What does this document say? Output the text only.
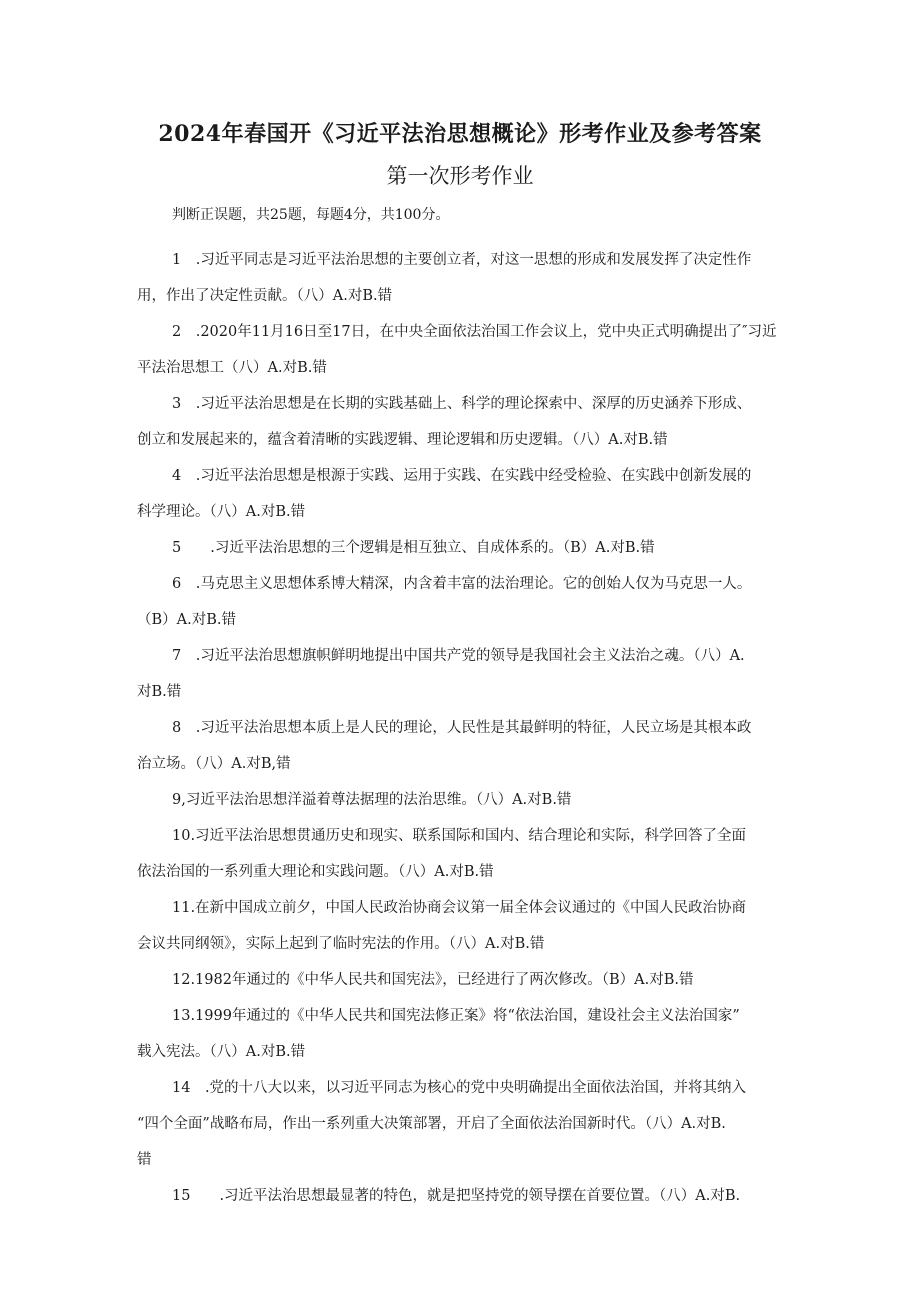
2024年春国开《习近平法治思想概论》形考作业及参考答案
第一次形考作业
判断正误题，共25题，每题4分，共100分。

1　.习近平同志是习近平法治思想的主要创立者，对这一思想的形成和发展发挥了决定性作
用，作出了决定性贡献。（八）A.对B.错

2　.2020年11月16日至17日，在中央全面依法治国工作会议上，党中央正式明确提出了″习近
平法治思想工（八）A.对B.错

3　.习近平法治思想是在长期的实践基础上、科学的理论探索中、深厚的历史涵养下形成、
创立和发展起来的，蕴含着清晰的实践逻辑、理论逻辑和历史逻辑。（八）A.对B.错

4　.习近平法治思想是根源于实践、运用于实践、在实践中经受检验、在实践中创新发展的
科学理论。（八）A.对B.错

5　　.习近平法治思想的三个逻辑是相互独立、自成体系的。（B）A.对B.错

6　.马克思主义思想体系博大精深，内含着丰富的法治理论。它的创始人仅为马克思一人。
（B）A.对B.错

7　.习近平法治思想旗帜鲜明地提出中国共产党的领导是我国社会主义法治之魂。（八）A.
对B.错

8　.习近平法治思想本质上是人民的理论，人民性是其最鲜明的特征，人民立场是其根本政
治立场。（八）A.对B,错

9,习近平法治思想洋溢着尊法据理的法治思维。（八）A.对B.错

10.习近平法治思想贯通历史和现实、联系国际和国内、结合理论和实际，科学回答了全面
依法治国的一系列重大理论和实践问题。（八）A.对B.错

11.在新中国成立前夕，中国人民政治协商会议第一届全体会议通过的《中国人民政治协商
会议共同纲领》，实际上起到了临时宪法的作用。（八）A.对B.错

12.1982年通过的《中华人民共和国宪法》，已经进行了两次修改。（B）A.对B.错

13.1999年通过的《中华人民共和国宪法修正案》将“依法治国，建设社会主义法治国家”
载入宪法。（八）A.对B.错

14　.党的十八大以来，以习近平同志为核心的党中央明确提出全面依法治国，并将其纳入
“四个全面”战略布局，作出一系列重大决策部署，开启了全面依法治国新时代。（八）A.对B.
错

15　　.习近平法治思想最显著的特色，就是把坚持党的领导摆在首要位置。（八）A.对B.
